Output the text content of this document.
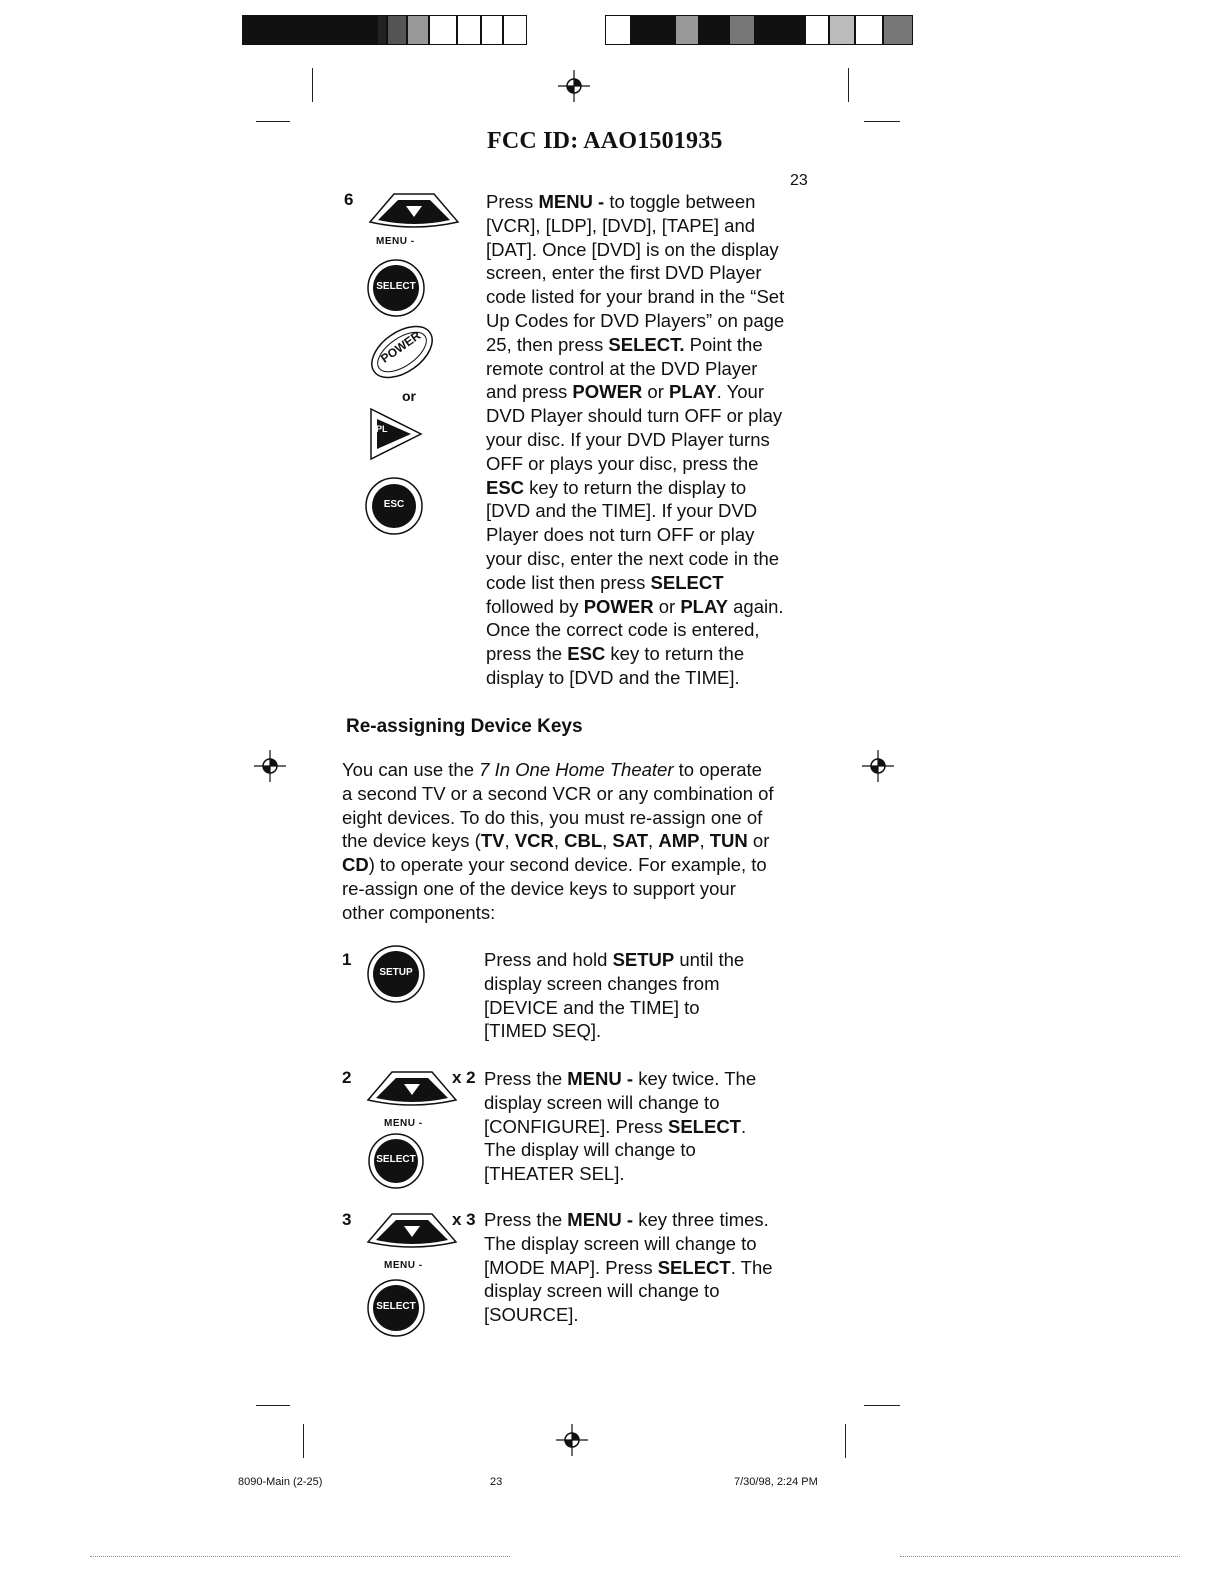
FCC ID: AAO1501935
23
6
MENU -
SELECT
POWER
or
PL
ESC
Press MENU - to toggle between
[VCR], [LDP], [DVD], [TAPE] and
[DAT]. Once [DVD] is on the display
screen, enter the first DVD Player
code listed for your brand in the “Set
Up Codes for DVD Players” on page
25, then press SELECT. Point the
remote control at the DVD Player
and press POWER or PLAY. Your
DVD Player should turn OFF or play
your disc. If your DVD Player turns
OFF or plays your disc, press the
ESC key to return the display to
[DVD and the TIME]. If your DVD
Player does not turn OFF or play
your disc, enter the next code in the
code list then press SELECT
followed by POWER or PLAY again.
Once the correct code is entered,
press the ESC key to return the
display to [DVD and the TIME].
Re-assigning Device Keys
You can use the 7 In One Home Theater to operate
a second TV or a second VCR or any combination of
eight devices. To do this, you must re-assign one of
the device keys (TV, VCR, CBL, SAT, AMP, TUN or
CD) to operate your second device. For example, to
re-assign one of the device keys to support your
other components:
1
SETUP
Press and hold SETUP until the
display screen changes from
[DEVICE and the TIME] to
[TIMED SEQ].
2	x 2
MENU -
SELECT
Press the MENU - key twice. The
display screen will change to
[CONFIGURE]. Press SELECT.
The display will change to
[THEATER SEL].
3	x 3
MENU -
SELECT
Press the MENU - key three times.
The display screen will change to
[MODE MAP]. Press SELECT. The
display screen will change to
[SOURCE].
8090-Main (2-25)	23	7/30/98, 2:24 PM
